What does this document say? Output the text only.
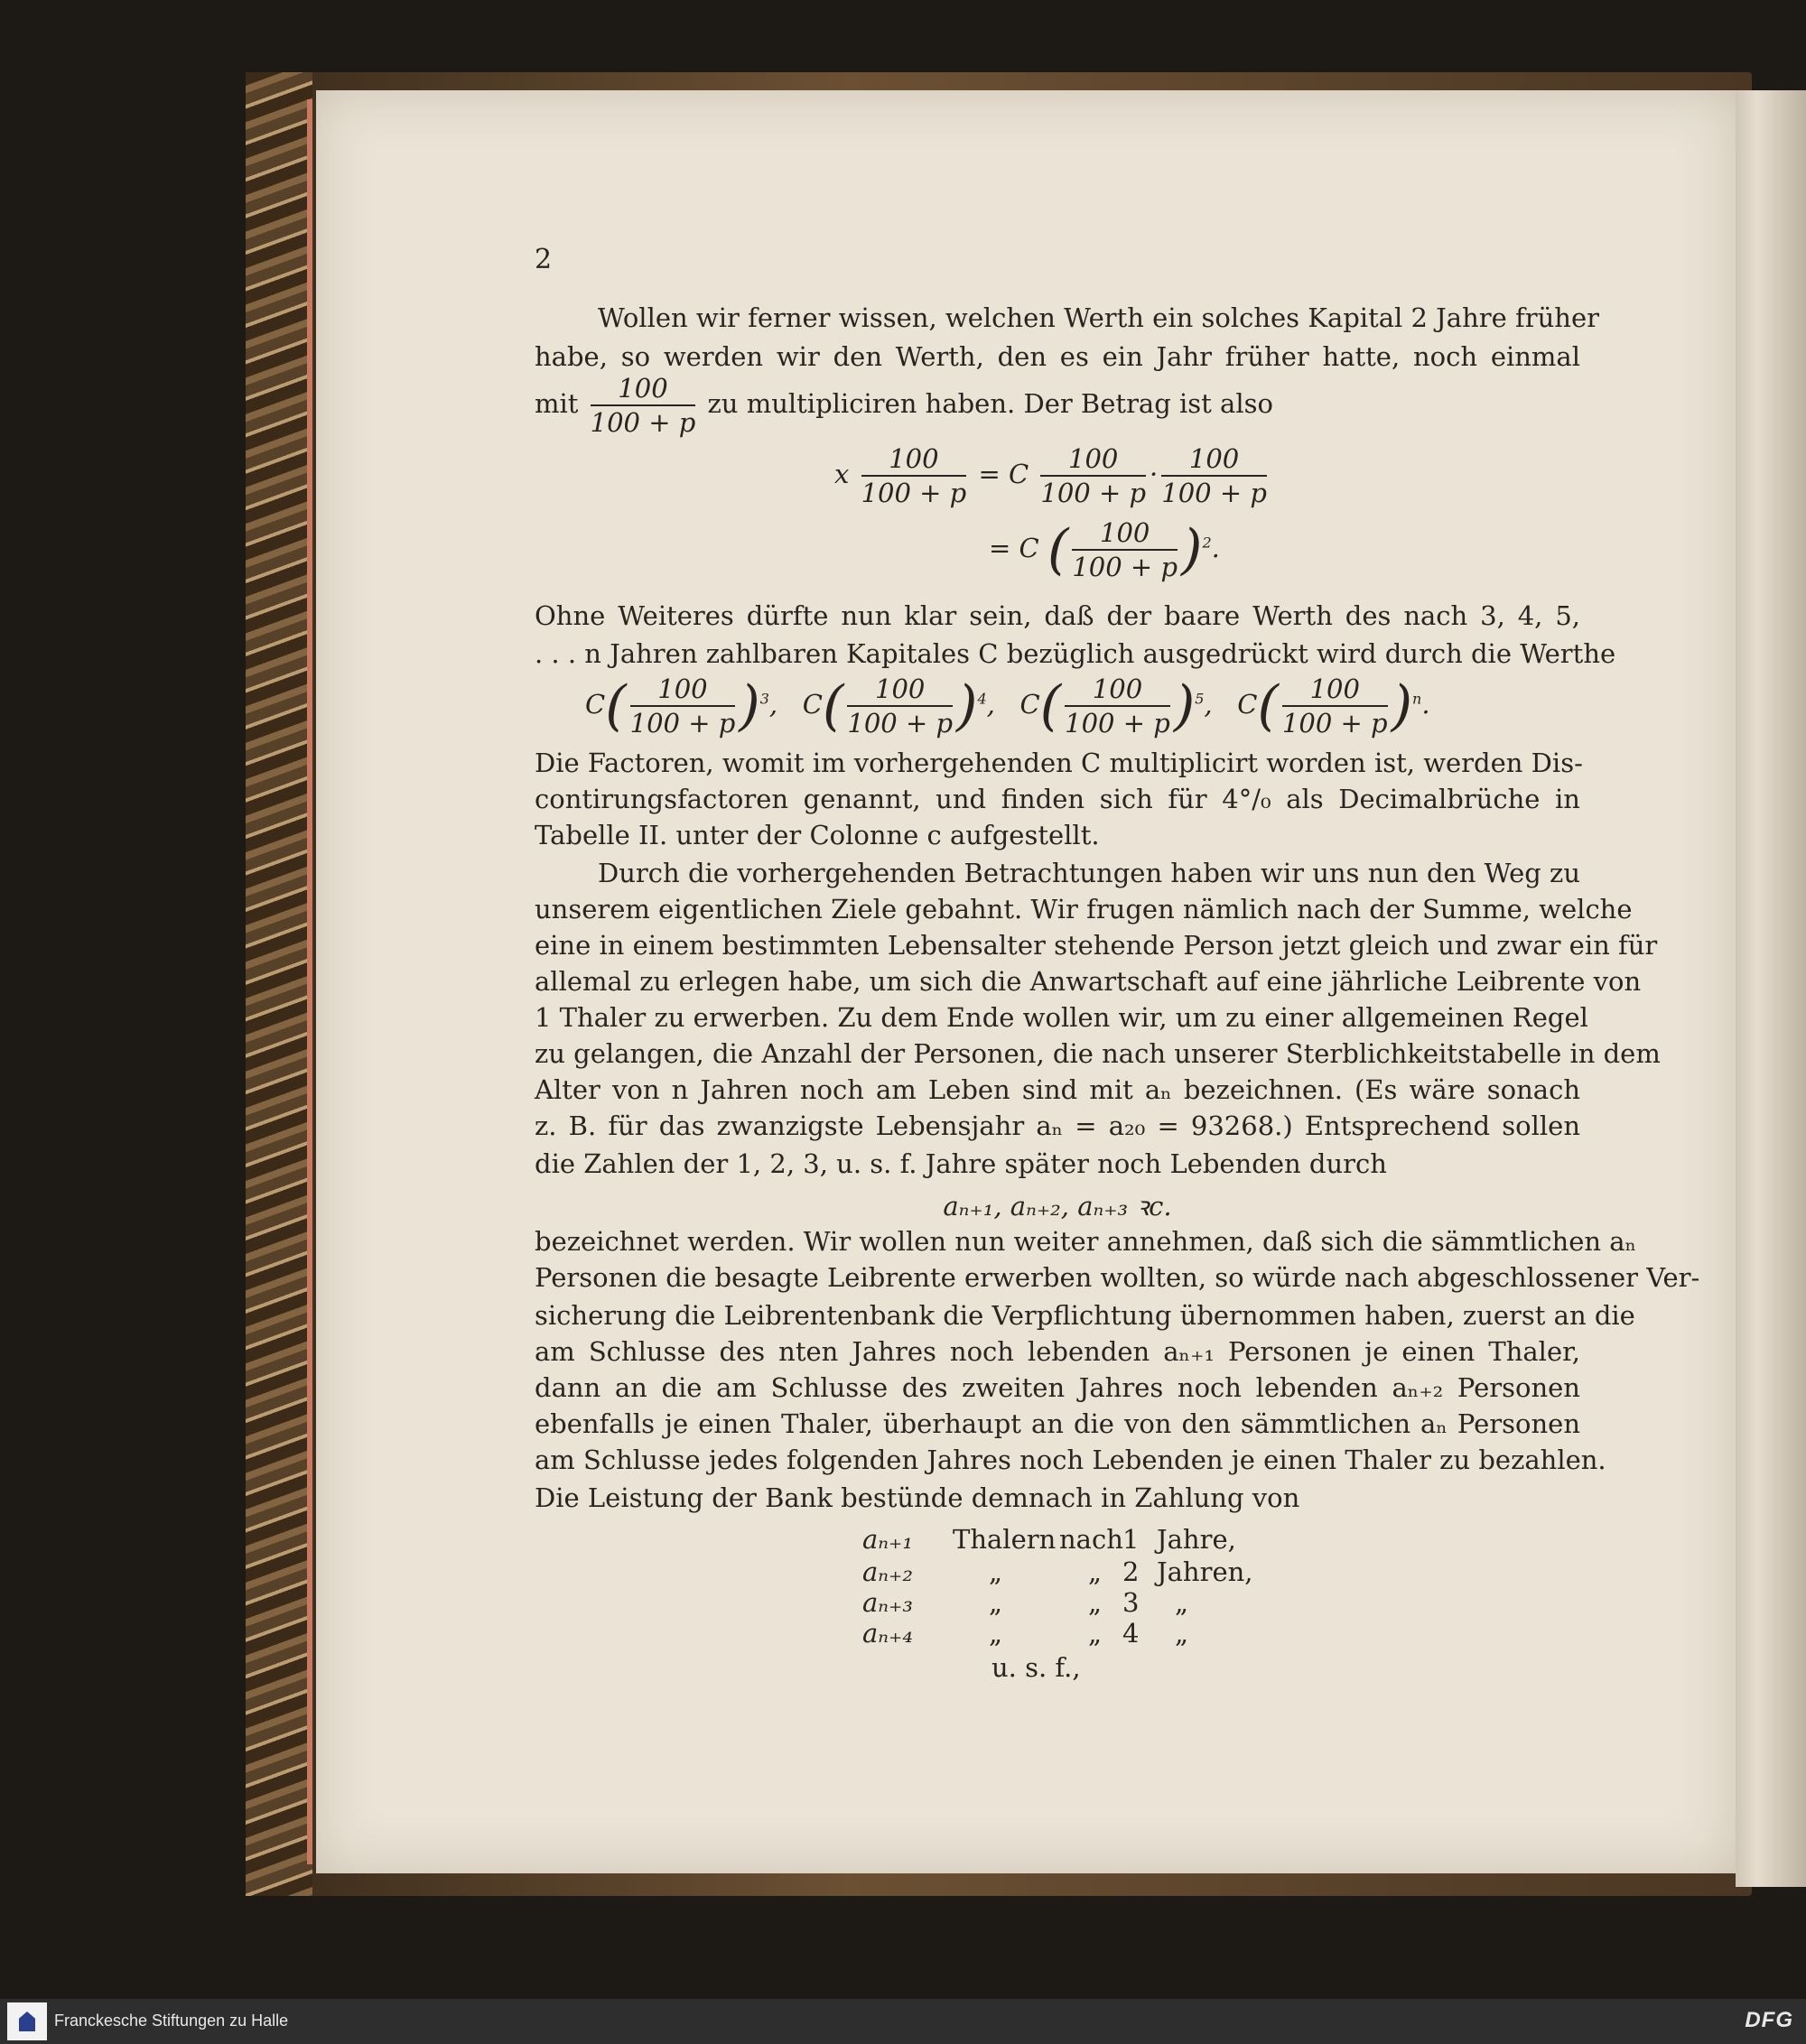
2
Wollen wir ferner wissen, welchen Werth ein solches Kapital 2 Jahre früher
habe, so werden wir den Werth, den es ein Jahr früher hatte, noch einmal
mit $\frac{100}{100 + p}$ zu multipliciren haben. Der Betrag ist also
x $\frac{100}{100 + p} = C \frac{100}{100 + p} \cdot \frac{100}{100 + p}$
= C ( $\frac{100}{100 + p} )^2$.
Ohne Weiteres dürfte nun klar sein, daß der baare Werth des nach 3, 4, 5,
. . . n Jahren zahlbaren Kapitales C bezüglich ausgedrückt wird durch die Werthe
$C( \frac{100}{100 + p} )^3$, $C( \frac{100}{100 + p} )^4$, $C( \frac{100}{100 + p} )^5$, $C( \frac{100}{100 + p} )^n$.
Die Factoren, womit im vorhergehenden C multiplicirt worden ist, werden Dis-
contirungsfactoren genannt, und finden sich für 4°/₀ als Decimalbrüche in
Tabelle II. unter der Colonne c aufgestellt.
Durch die vorhergehenden Betrachtungen haben wir uns nun den Weg zu
unserem eigentlichen Ziele gebahnt. Wir frugen nämlich nach der Summe, welche
eine in einem bestimmten Lebensalter stehende Person jetzt gleich und zwar ein für
allemal zu erlegen habe, um sich die Anwartschaft auf eine jährliche Leibrente von
1 Thaler zu erwerben. Zu dem Ende wollen wir, um zu einer allgemeinen Regel
zu gelangen, die Anzahl der Personen, die nach unserer Sterblichkeitstabelle in dem
Alter von n Jahren noch am Leben sind mit aₙ bezeichnen. (Es wäre sonach
z. B. für das zwanzigste Lebensjahr aₙ = a₂₀ = 93268.) Entsprechend sollen
die Zahlen der 1, 2, 3, u. s. f. Jahre später noch Lebenden durch
aₙ₊₁, aₙ₊₂, aₙ₊₃ ꝛc.
bezeichnet werden. Wir wollen nun weiter annehmen, daß sich die sämmtlichen aₙ
Personen die besagte Leibrente erwerben wollten, so würde nach abgeschlossener Ver-
sicherung die Leibrentenbank die Verpflichtung übernommen haben, zuerst an die
am Schlusse des nten Jahres noch lebenden aₙ₊₁ Personen je einen Thaler,
dann an die am Schlusse des zweiten Jahres noch lebenden aₙ₊₂ Personen
ebenfalls je einen Thaler, überhaupt an die von den sämmtlichen aₙ Personen
am Schlusse jedes folgenden Jahres noch Lebenden je einen Thaler zu bezahlen.
Die Leistung der Bank bestünde demnach in Zahlung von
aₙ₊₁ Thalern nach1 Jahre,
aₙ₊₂	„	„ 2 Jahren,
aₙ₊₃	„	„ 3 „
aₙ₊₄	„	„ 4 „
u. s. f.,
Franckesche Stiftungen zu Halle	DFG
